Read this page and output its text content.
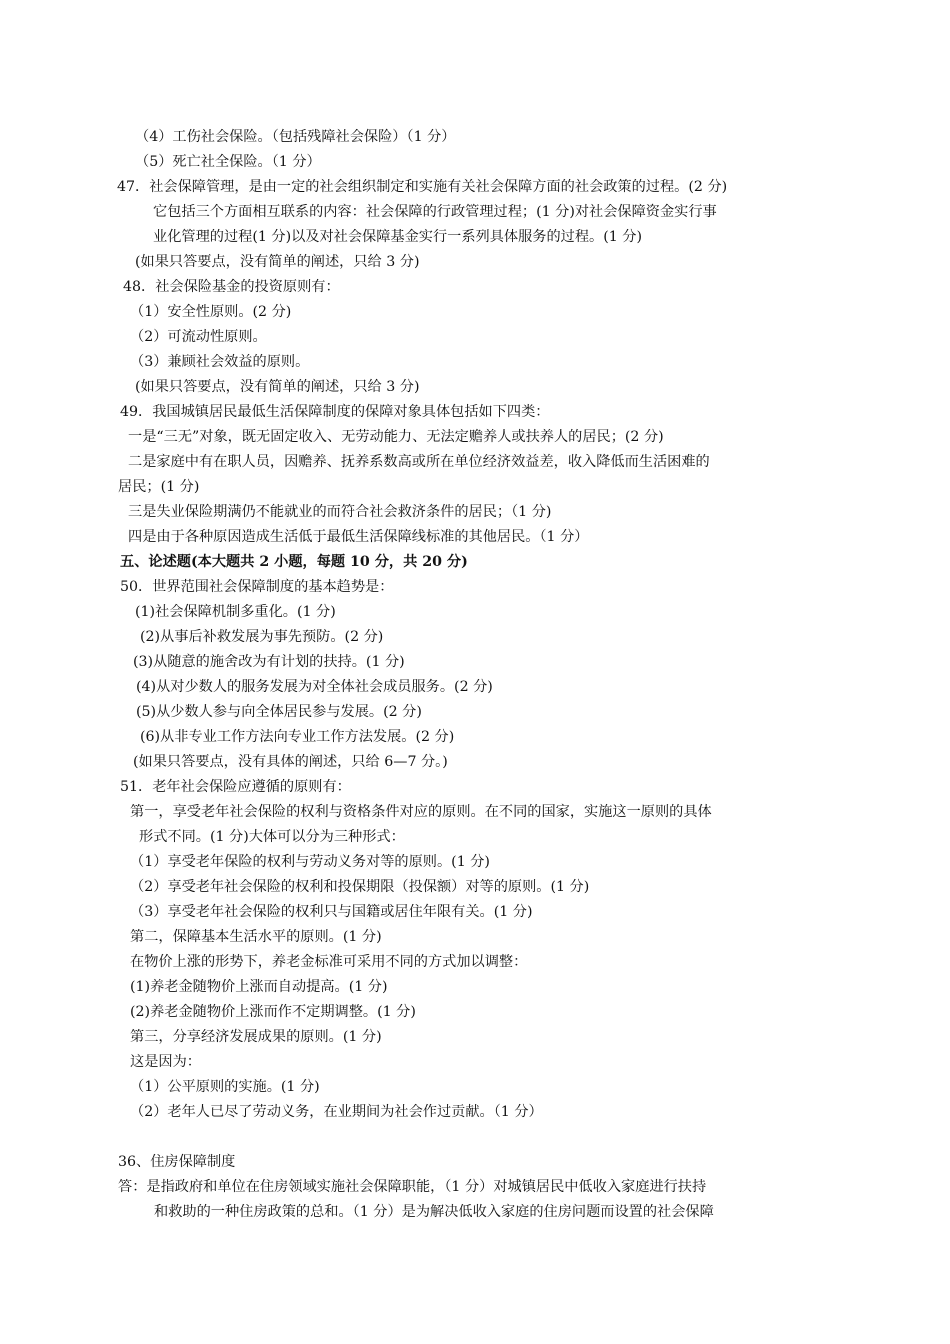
（4）工伤社会保险。（包括残障社会保险）（1 分）
（5）死亡社全保险。（1 分）
47．社会保障管理，是由一定的社会组织制定和实施有关社会保障方面的社会政策的过程。(2 分)
它包括三个方面相互联系的内容：社会保障的行政管理过程；(1 分)对社会保障资金实行事
业化管理的过程(1 分)以及对社会保障基金实行一系列具体服务的过程。(1 分)
(如果只答要点，没有简单的阐述，只给 3 分)
48．社会保险基金的投资原则有：
（1）安全性原则。(2 分)
（2）可流动性原则。
（3）兼顾社会效益的原则。
(如果只答要点，没有简单的阐述，只给 3 分)
49．我国城镇居民最低生活保障制度的保障对象具体包括如下四类：
一是“三无”对象，既无固定收入、无劳动能力、无法定赡养人或扶养人的居民；(2 分)
二是家庭中有在职人员，因赡养、抚养系数高或所在单位经济效益差，收入降低而生活困难的
居民；(1 分)
三是失业保险期满仍不能就业的而符合社会救济条件的居民；（1 分)
四是由于各种原因造成生活低于最低生活保障线标准的其他居民。（1 分）
五、论述题(本大题共 2 小题，每题 10 分，共 20 分)
50．世界范围社会保障制度的基本趋势是：
(1)社会保障机制多重化。(1 分)
(2)从事后补救发展为事先预防。(2 分)
(3)从随意的施舍改为有计划的扶持。(1 分)
(4)从对少数人的服务发展为对全体社会成员服务。(2 分)
(5)从少数人参与向全体居民参与发展。(2 分)
(6)从非专业工作方法向专业工作方法发展。(2 分)
(如果只答要点，没有具体的阐述，只给 6—7 分。)
51．老年社会保险应遵循的原则有：
第一，享受老年社会保险的权利与资格条件对应的原则。在不同的国家，实施这一原则的具体
形式不同。(1 分)大体可以分为三种形式：
（1）享受老年保险的权利与劳动义务对等的原则。(1 分)
（2）享受老年社会保险的权利和投保期限（投保额）对等的原则。(1 分)
（3）享受老年社会保险的权利只与国籍或居住年限有关。(1 分)
第二，保障基本生活水平的原则。(1 分)
在物价上涨的形势下，养老金标准可采用不同的方式加以调整：
(1)养老金随物价上涨而自动提高。(1 分)
(2)养老金随物价上涨而作不定期调整。(1 分)
第三，分享经济发展成果的原则。(1 分)
这是因为：
（1）公平原则的实施。(1 分)
（2）老年人已尽了劳动义务，在业期间为社会作过贡献。（1 分）
36、住房保障制度
答：是指政府和单位在住房领域实施社会保障职能，（1 分）对城镇居民中低收入家庭进行扶持
和救助的一种住房政策的总和。（1 分）是为解决低收入家庭的住房问题而设置的社会保障
